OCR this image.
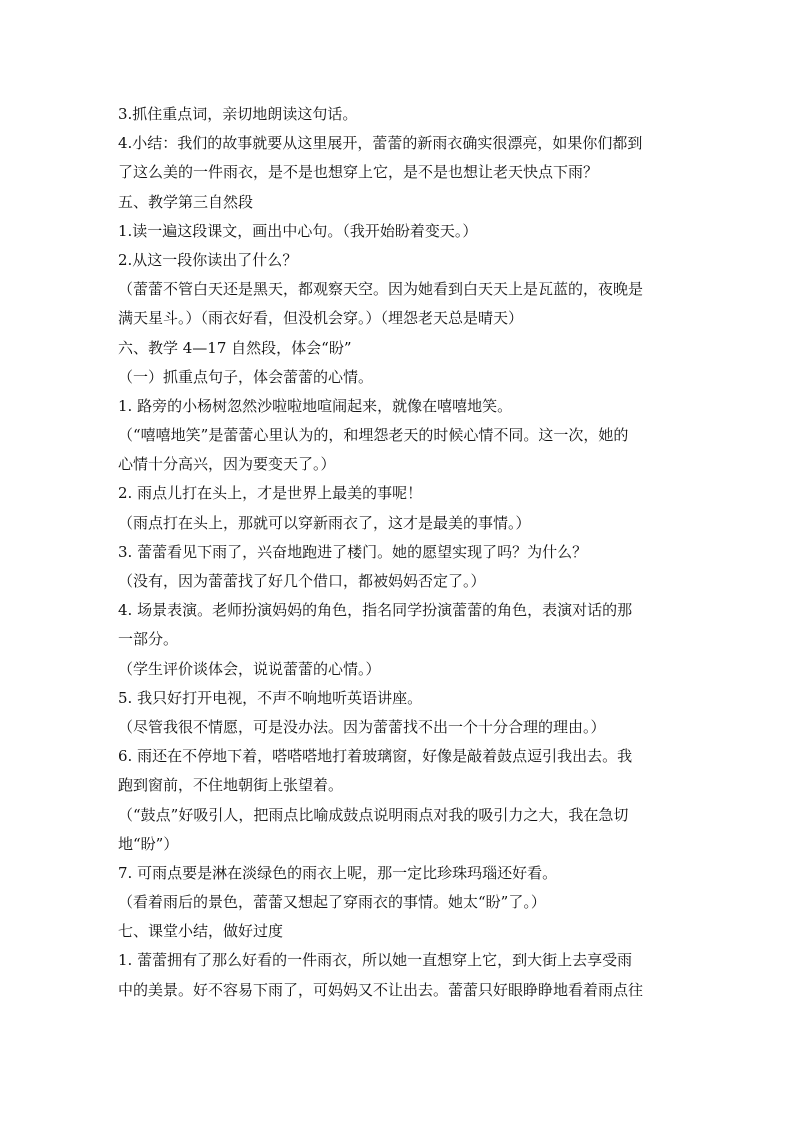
3.抓住重点词，亲切地朗读这句话。
4.小结：我们的故事就要从这里展开，蕾蕾的新雨衣确实很漂亮，如果你们都到
了这么美的一件雨衣，是不是也想穿上它，是不是也想让老天快点下雨？
五、教学第三自然段
1.读一遍这段课文，画出中心句。（我开始盼着变天。）
2.从这一段你读出了什么？
（蕾蕾不管白天还是黑天，都观察天空。因为她看到白天天上是瓦蓝的，夜晚是
满天星斗。）（雨衣好看，但没机会穿。）（埋怨老天总是晴天）
六、教学 4—17 自然段，体会“盼”
（一）抓重点句子，体会蕾蕾的心情。
1. 路旁的小杨树忽然沙啦啦地喧闹起来，就像在嘻嘻地笑。
（“嘻嘻地笑”是蕾蕾心里认为的，和埋怨老天的时候心情不同。这一次，她的
心情十分高兴，因为要变天了。）
2. 雨点儿打在头上，才是世界上最美的事呢！
（雨点打在头上，那就可以穿新雨衣了，这才是最美的事情。）
3. 蕾蕾看见下雨了，兴奋地跑进了楼门。她的愿望实现了吗？为什么？
（没有，因为蕾蕾找了好几个借口，都被妈妈否定了。）
4. 场景表演。老师扮演妈妈的角色，指名同学扮演蕾蕾的角色，表演对话的那
一部分。
（学生评价谈体会，说说蕾蕾的心情。）
5. 我只好打开电视，不声不响地听英语讲座。
（尽管我很不情愿，可是没办法。因为蕾蕾找不出一个十分合理的理由。）
6. 雨还在不停地下着，嗒嗒嗒地打着玻璃窗，好像是敲着鼓点逗引我出去。我
跑到窗前，不住地朝街上张望着。
（“鼓点”好吸引人，把雨点比喻成鼓点说明雨点对我的吸引力之大，我在急切
地“盼”）
7. 可雨点要是淋在淡绿色的雨衣上呢，那一定比珍珠玛瑙还好看。
（看着雨后的景色，蕾蕾又想起了穿雨衣的事情。她太“盼”了。）
七、课堂小结，做好过度
1. 蕾蕾拥有了那么好看的一件雨衣，所以她一直想穿上它，到大街上去享受雨
中的美景。好不容易下雨了，可妈妈又不让出去。蕾蕾只好眼睁睁地看着雨点往
